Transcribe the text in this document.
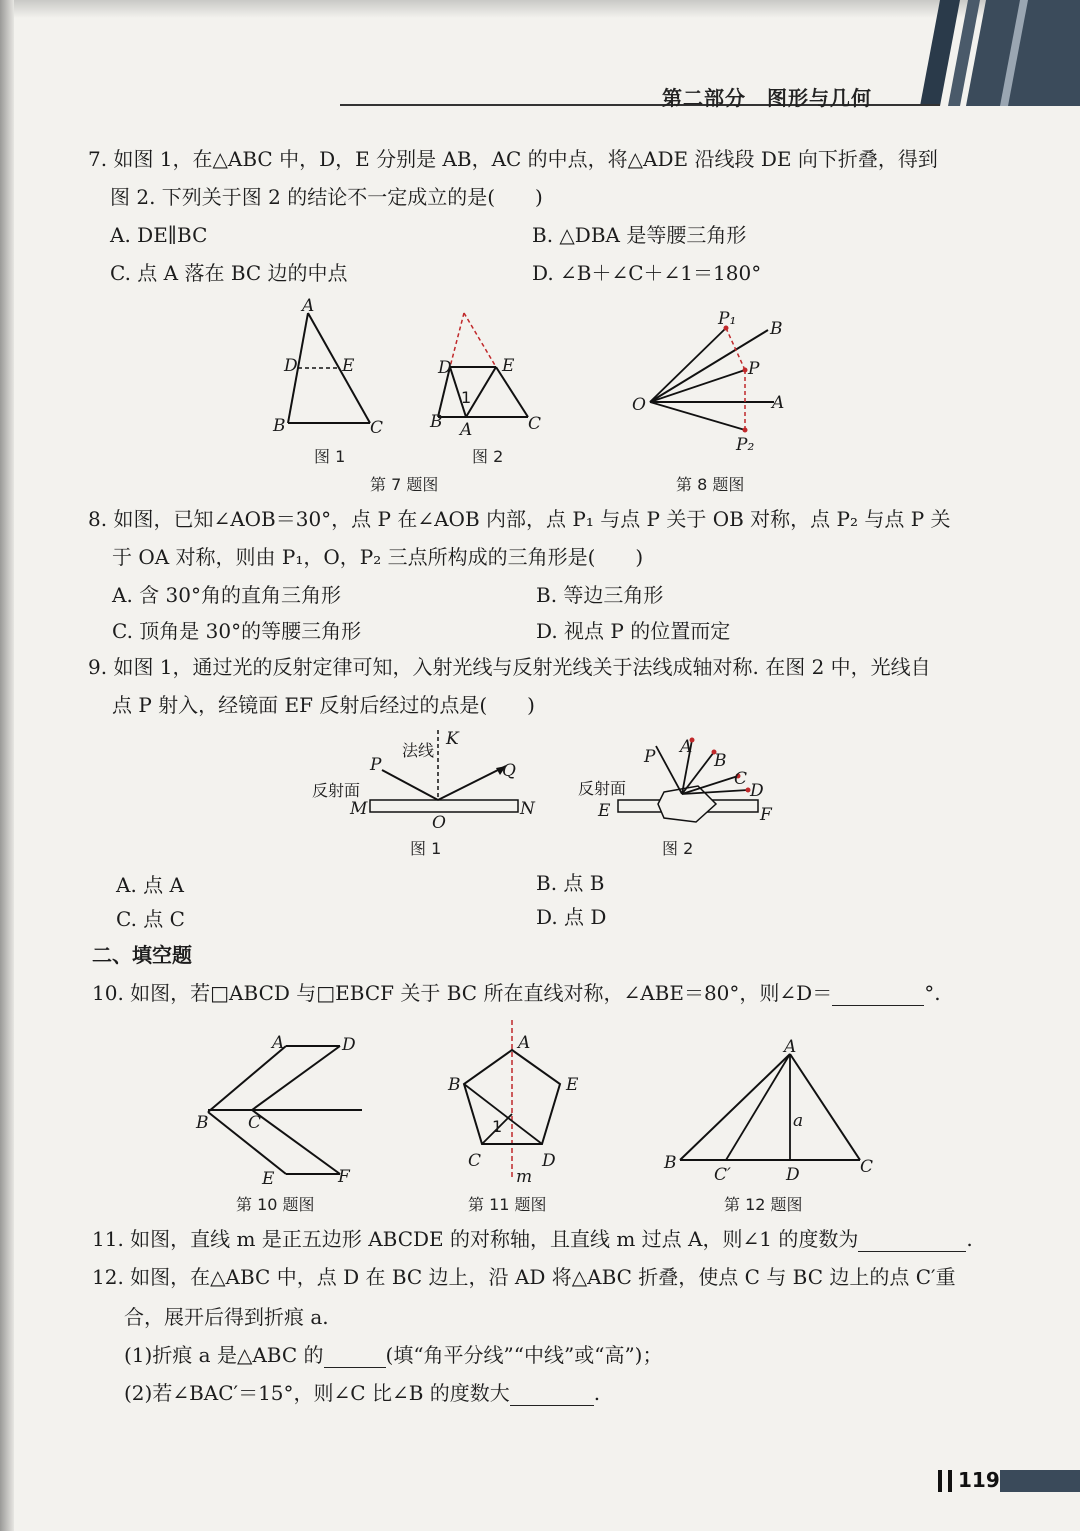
第二部分　图形与几何
7. 如图 1，在△ABC 中，D，E 分别是 AB，AC 的中点，将△ADE 沿线段 DE 向下折叠，得到
图 2. 下列关于图 2 的结论不一定成立的是(　　)
A. DE∥BC	B. △DBA 是等腰三角形
C. 点 A 落在 BC 边的中点	D. ∠B＋∠C＋∠1＝180°
A
D	E
B	C
图 1
1
D	E
B A	C
图 2
第 7 题图
P₁ B
P
O	A
P₂
第 8 题图
8. 如图，已知∠AOB＝30°，点 P 在∠AOB 内部，点 P₁ 与点 P 关于 OB 对称，点 P₂ 与点 P 关
于 OA 对称，则由 P₁，O，P₂ 三点所构成的三角形是(　　)
A. 含 30°角的直角三角形	B. 等边三角形
C. 顶角是 30°的等腰三角形	D. 视点 P 的位置而定
9. 如图 1，通过光的反射定律可知，入射光线与反射光线关于法线成轴对称. 在图 2 中，光线自
点 P 射入，经镜面 EF 反射后经过的点是(　　)
法线
K
P	Q
反射面
M	N
O
图 1
P A
B
C
D
反射面
E	F
图 2
A. 点 A	B. 点 B
C. 点 C	D. 点 D
二、填空题
10. 如图，若□ABCD 与□EBCF 关于 BC 所在直线对称，∠ABE＝80°，则∠D＝	°.
A	D
B C
E	F
第 10 题图
1
A
B	E
C	D
m
第 11 题图
A
a
B
C′	D	C
第 12 题图
11. 如图，直线 m 是正五边形 ABCDE 的对称轴，且直线 m 过点 A，则∠1 的度数为	.
12. 如图，在△ABC 中，点 D 在 BC 边上，沿 AD 将△ABC 折叠，使点 C 与 BC 边上的点 C′重
合，展开后得到折痕 a.
(1)折痕 a 是△ABC 的	(填“角平分线”“中线”或“高”)；
(2)若∠BAC′＝15°，则∠C 比∠B 的度数大	.
119
